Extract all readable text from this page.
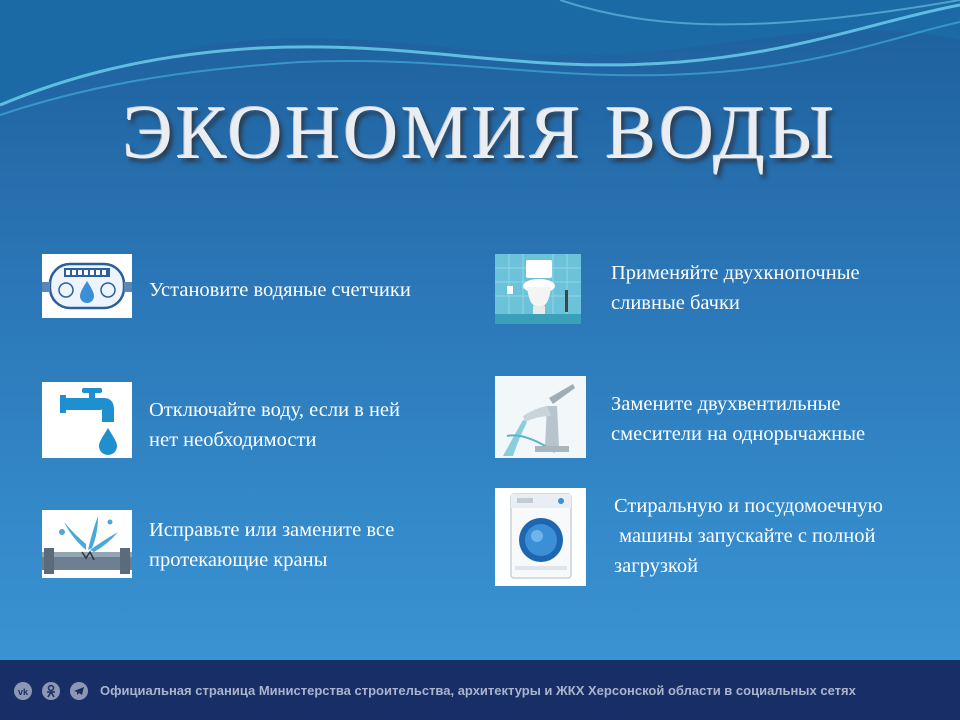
ЭКОНОМИЯ ВОДЫ
Установите водяные счетчики
Применяйте двухкнопочные
сливные бачки
Отключайте воду, если в ней
нет необходимости
Замените двухвентильные
смесители на однорычажные
Исправьте или замените все
протекающие краны
Стиральную и посудомоечную
машины запускайте с полной
загрузкой
vk	Официальная страница Министерства строительства, архитектуры и ЖКХ Херсонской области в социальных сетях
